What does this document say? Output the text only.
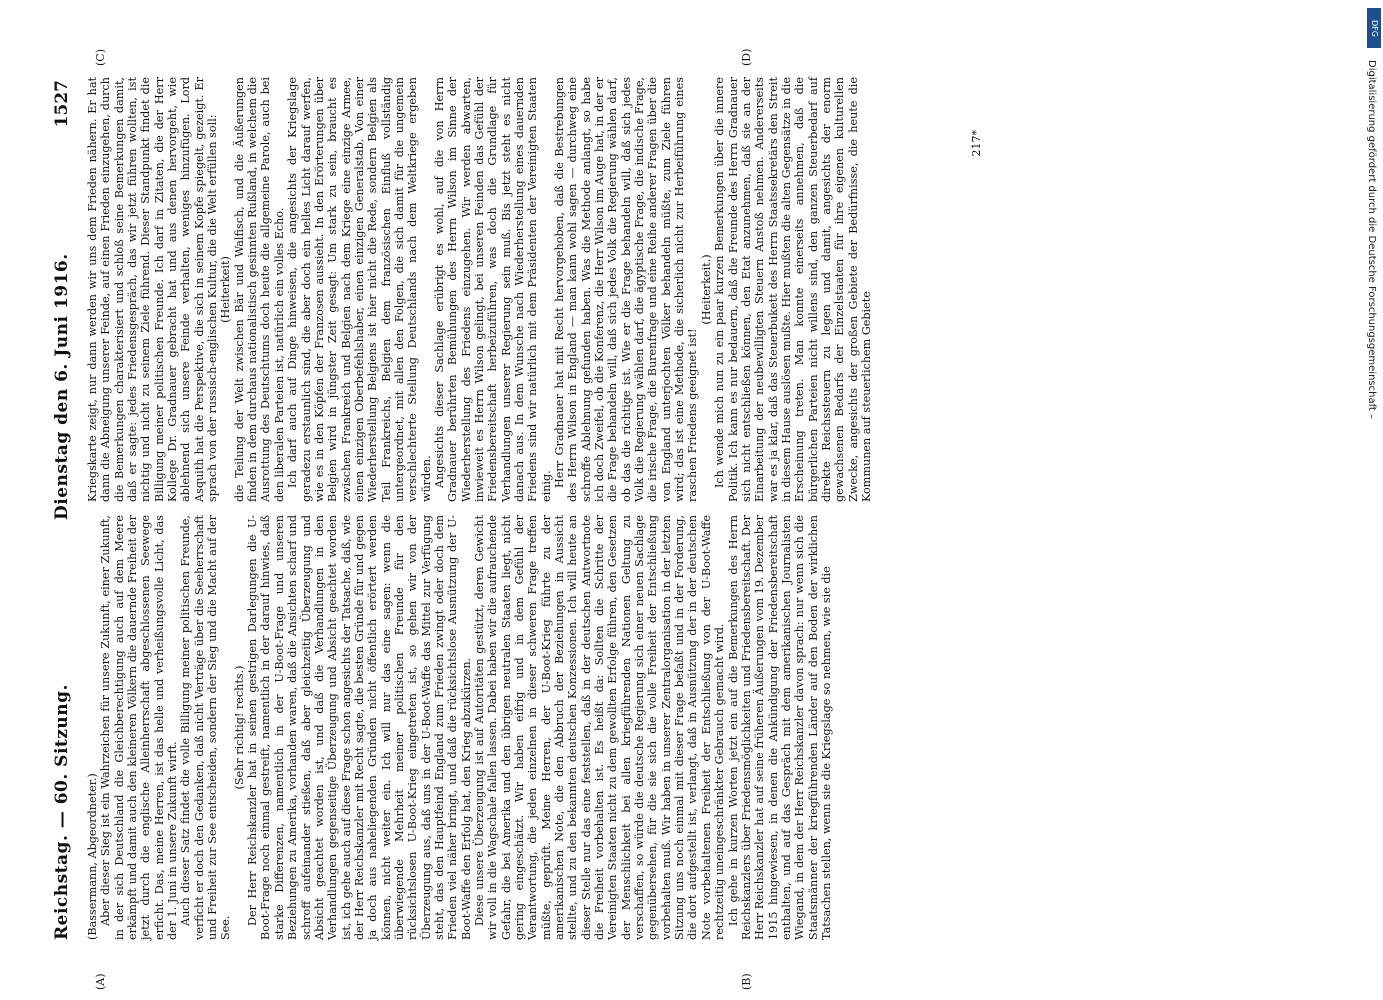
Reichstag. — 60. Sitzung.
Dienstag den 6. Juni 1916.
1527

(Bassermann, Abgeordneter.) Aber dieser Sieg ist ein Wahrzeichen für unsere Zukunft, einer Zukunft, in der sich Deutschland die Gleichberechtigung auch auf dem Meere erkämpft und damit auch den kleineren Völkern die dauernde Freiheit der jetzt durch die englische Alleinherrschaft abgeschlossenen Seewege erficht. Das, meine Herren, ist das helle und verheißungsvolle Licht, das der 1. Juni in unsere Zukunft wirft. Auch dieser Satz findet die volle Billigung meiner politischen Freunde, verficht er doch den Gedanken, daß nicht Verträge über die Seeherrschaft und Freiheit zur See entscheiden, sondern der Sieg und die Macht auf der See.

(Sehr richtig! rechts.) Der Herr Reichskanzler hat in seinen gestrigen Darlegungen die U-Boot-Frage noch einmal gestreift, namentlich in der darauf hinwies, daß starke Differenzen, namentlich in der U-Boot-Frage und unseren Beziehungen zu Amerika, vorhanden waren, daß die Ansichten scharf und schroff aufeinander stießen, daß aber gleichzeitig Überzeugung und Absicht geachtet worden ist, und daß die Verhandlungen in den Verhandlungen gegenseitige Überzeugung und Absicht geachtet worden ist, ich gehe auch auf diese Frage schon angesichts der Tatsache, daß, wie der Herr Reichskanzler mit Recht sagte, die besten Gründe für und gegen ja doch aus naheliegenden Gründen nicht öffentlich erörtert werden können, nicht weiter ein. Ich will nur das eine sagen: wenn die überwiegende Mehrheit meiner politischen Freunde für den rücksichtslosen U-Boot-Krieg eingetreten ist, so gehen wir von der Überzeugung aus, daß uns in der U-Boot-Waffe das Mittel zur Verfügung steht, das den Hauptfeind England zum Frieden zwingt oder doch dem Frieden viel näher bringt, und daß die rücksichtslose Ausnützung der U-Boot-Waffe den Erfolg hat, den Krieg abzukürzen. Diese unsere Überzeugung ist auf Autoritäten gestützt, deren Gewicht wir voll in die Wagschale fallen lassen. Dabei haben wir die aufrauchende Gefahr, die bei Amerika und den übrigen neutralen Staaten liegt, nicht gering eingeschätzt. Wir haben eifrig und in dem Gefühl der Verantwortung, die jeden einzelnen in dieser schweren Frage treffen müßte, geprüft. Meine Herren, der U-Boot-Krieg führte zu der amerikanischen Note, die den Abbruch der Beziehungen in Aussicht stellte, und zu den bekannten deutschen Konzessionen. Ich will heute an dieser Stelle nur das eine feststellen, daß in der deutschen Antwortnote die Freiheit vorbehalten ist. Es heißt da: Sollten die Schritte der Vereinigten Staaten nicht zu dem gewollten Erfolge führen, den Gesetzen der Menschlichkeit bei allen kriegführenden Nationen Geltung zu verschaffen, so würde die deutsche Regierung sich einer neuen Sachlage gegenübersehen, für die sie sich die volle Freiheit der Entschließung vorbehalten muß. Wir haben in unserer Zentralorganisation in der letzten Sitzung uns noch einmal mit dieser Frage befaßt und in der Forderung, die dort aufgestellt ist, verlangt, daß in Ausnützung der in der deutschen Note vorbehaltenen Freiheit der Entschließung von der U-Boot-Waffe rechtzeitig uneingeschränkter Gebrauch gemacht wird. Ich gehe in kurzen Worten jetzt ein auf die Bemerkungen des Herrn Reichskanzlers über Friedensmöglichkeiten und Friedensbereitschaft. Der Herr Reichskanzler hat auf seine früheren Äußerungen vom 19. Dezember 1915 hingewiesen, in denen die Ankündigung der Friedensbereitschaft enthalten, und auf das Gespräch mit dem amerikanischen Journalisten Wiegand, in dem der Herr Reichskanzler davon sprach: nur wenn sich die Staatsmänner der kriegführenden Länder auf den Boden der wirklichen Tatsachen stellen, wenn sie die Kriegslage so nehmen, wie sie die

Kriegskarte zeigt, nur dann werden wir uns dem Frieden nähern. Er hat dann die Abneigung unserer Feinde, auf einen Frieden einzugehen, durch die Bemerkungen charakterisiert und schloß seine Bemerkungen damit, daß er sagte: jedes Friedensgespräch, das wir jetzt führen wollten, ist nichtig und nicht zu seinem Ziele führend. Dieser Standpunkt findet die Billigung meiner politischen Freunde. Ich darf in Zitaten, die der Herr Kollege Dr. Gradnauer gebracht hat und aus denen hervorgeht, wie ablehnend sich unsere Feinde verhalten, weniges hinzufügen. Lord Asquith hat die Perspektive, die sich in seinem Kopfe spiegelt, gezeigt. Er sprach von der russisch-englischen Kultur, die die Welt erfüllen soll: (Heiterkeit) die Teilung der Welt zwischen Bär und Walfisch, und die Äußerungen finden in dem durchaus nationalistisch gesinnten Rußland, in welchem die Ausrottung des Deutschtums doch heute die allgemeine Parole, auch bei den liberalen Parteien ist, natürlich ein volles Echo. Ich darf auch auf Dinge hinweisen, die angesichts der Kriegslage geradezu erstaunlich sind, die aber doch ein helles Licht darauf werfen, wie es in den Köpfen der Franzosen aussieht. In den Erörterungen über Belgien wird in jüngster Zeit gesagt: Um stark zu sein, braucht es zwischen Frankreich und Belgien nach dem Kriege eine einzige Armee, einen einzigen Oberbefehlshaber, einen einzigen Generalstab. Von einer Wiederherstellung Belgiens ist hier nicht die Rede, sondern Belgien als Teil Frankreichs, Belgien dem französischen Einfluß vollständig untergeordnet, mit allen den Folgen, die sich damit für die ungemein verschlechterte Stellung Deutschlands nach dem Weltkriege ergeben würden. Angesichts dieser Sachlage erübrigt es wohl, auf die von Herrn Gradnauer berührten Bemühungen des Herrn Wilson im Sinne der Wiederherstellung des Friedens einzugehen. Wir werden abwarten, inwieweit es Herrn Wilson gelingt, bei unseren Feinden das Gefühl der Friedensbereitschaft herbeizuführen, was doch die Grundlage für Verhandlungen unserer Regierung sein muß. Bis jetzt steht es nicht danach aus. In dem Wunsche nach Wiederherstellung eines dauernden Friedens sind wir natürlich mit dem Präsidenten der Vereinigten Staaten einig. Herr Gradnauer hat mit Recht hervorgehoben, daß die Bestrebungen des Herrn Wilson in England — man kann wohl sagen — durchweg eine schroffe Ablehnung gefunden haben. Was die Methode anlangt, so habe ich doch Zweifel, ob die Konferenz, die Herr Wilson im Auge hat, in der er die Frage behandeln will, daß sich jedes Volk die Regierung wählen darf, ob das die richtige ist. Wie er die Frage behandeln will, daß sich jedes Volk die Regierung wählen darf, die ägyptische Frage, die indische Frage, die irische Frage, die Burenfrage und eine Reihe anderer Fragen über die von England unterjochten Völker behandeln müßte, zum Ziele führen wird; das ist eine Methode, die sicherlich nicht zur Herbeiführung eines raschen Friedens geeignet ist!

(Heiterkeit.) Ich wende mich nun zu ein paar kurzen Bemerkungen über die innere Politik. Ich kann es nur bedauern, daß die Freunde des Herrn Gradnauer sich nicht entschließen können, den Etat anzunehmen, daß sie an der Einarbeitung der neubewilligten Steuern Anstoß nehmen. Andererseits war es ja klar, daß das Steuerbukett des Herrn Staatssekretärs den Streit in diesem Hause auslösen mußte. Hier mußten die alten Gegensätze in die Erscheinung treten. Man konnte einerseits annehmen, daß die bürgerlichen Parteien nicht willens sind, den ganzen Steuerbedarf auf direkte Reichssteuern zu legen und damit, angesichts der enorm gewachsenen Bedarfs der Einzelstaaten für ihre eigenen kulturellen Zwecke, angesichts der großen Gebiete der Bedürfnisse, die heute die Kommunen auf steuerlichem Gebiete

(A)	(B)
(C)	(D)
217*
DFG
Digitalisierung gefördert durch die Deutsche Forschungsgemeinschaft –
